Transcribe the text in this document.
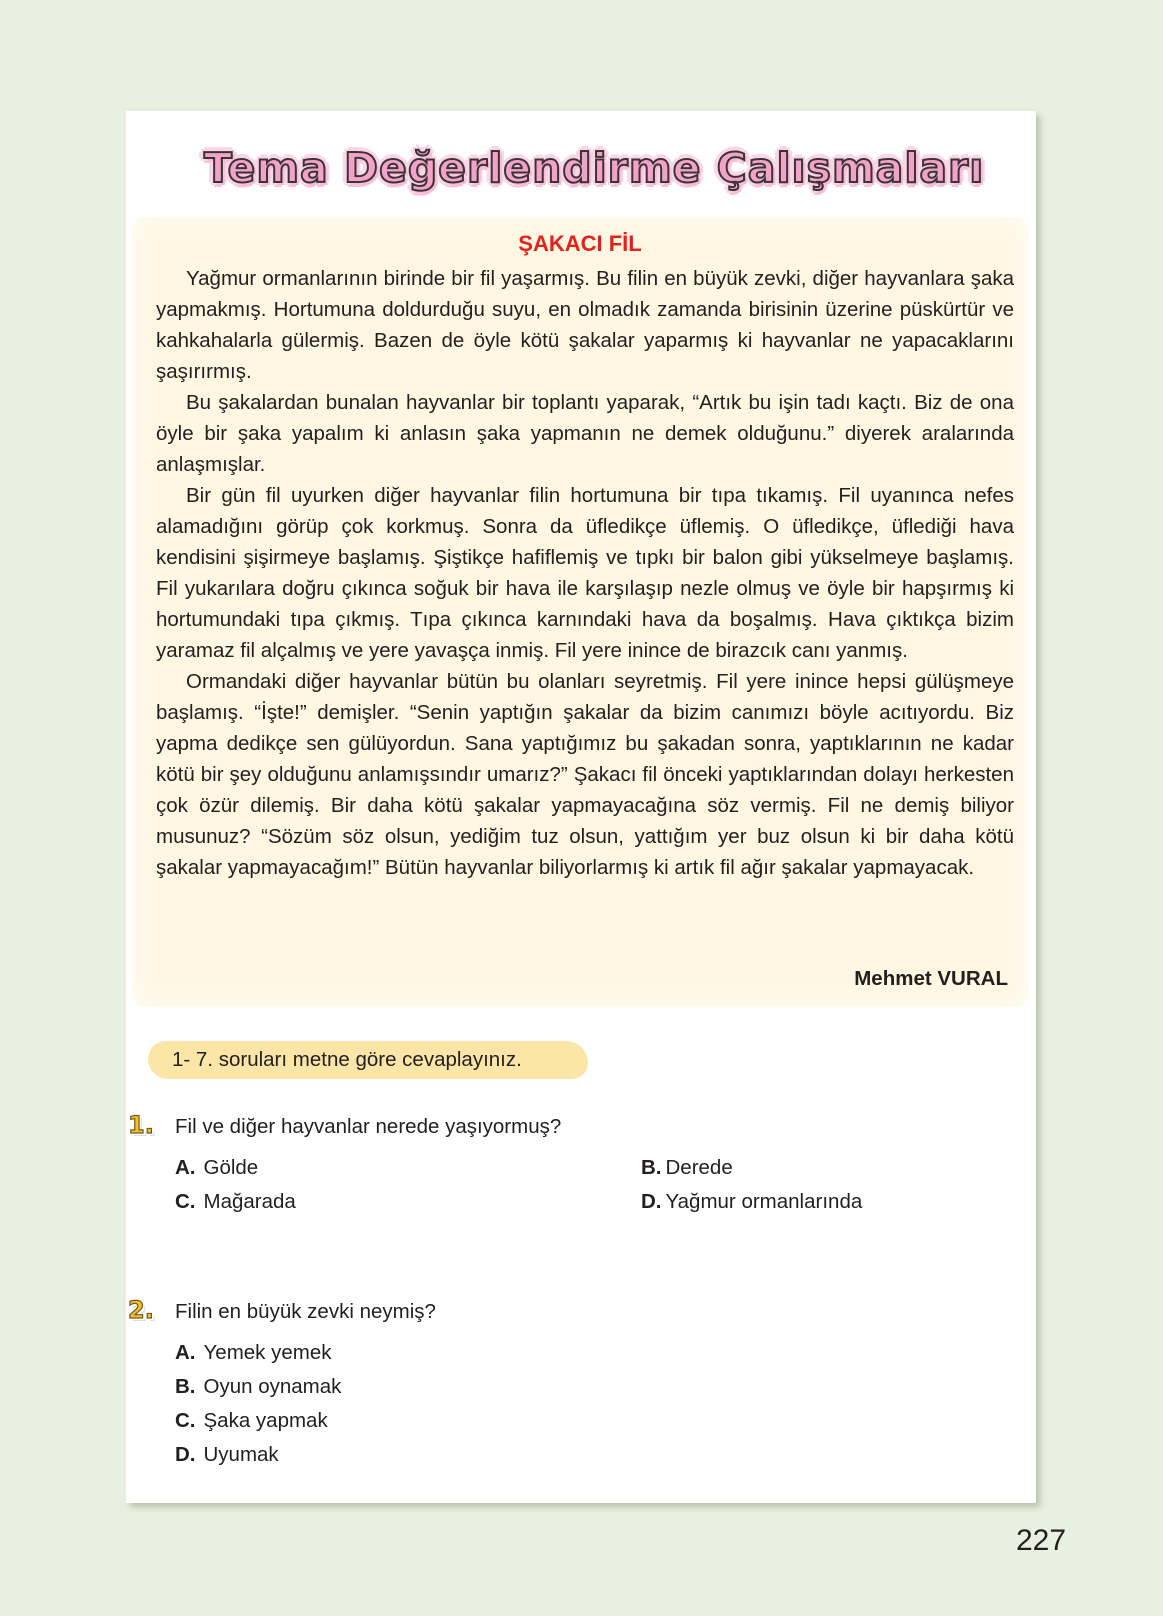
Tema Değerlendirme Çalışmaları
ŞAKACI FİL

Yağmur ormanlarının birinde bir fil yaşarmış. Bu filin en büyük zevki, diğer hayvanlara şaka yapmakmış. Hortumuna doldurduğu suyu, en olmadık zamanda birisinin üzerine püskürtür ve kahkahalarla gülermiş. Bazen de öyle kötü şakalar yaparmış ki hayvanlar ne yapacaklarını şaşırırmış.

Bu şakalardan bunalan hayvanlar bir toplantı yaparak, “Artık bu işin tadı kaçtı. Biz de ona öyle bir şaka yapalım ki anlasın şaka yapmanın ne demek olduğunu.” diyerek aralarında anlaşmışlar.

Bir gün fil uyurken diğer hayvanlar filin hortumuna bir tıpa tıkamış. Fil uyanınca nefes alamadığını görüp çok korkmuş. Sonra da üfledikçe üflemiş. O üfledikçe, üflediği hava kendisini şişirmeye başlamış. Şiştikçe hafiflemiş ve tıpkı bir balon gibi yükselmeye başlamış. Fil yukarılara doğru çıkınca soğuk bir hava ile karşılaşıp nezle olmuş ve öyle bir hapşırmış ki hortumundaki tıpa çıkmış. Tıpa çıkınca karnındaki hava da boşalmış. Hava çıktıkça bizim yaramaz fil alçalmış ve yere yavaşça inmiş. Fil yere inince de birazcık canı yanmış.

Ormandaki diğer hayvanlar bütün bu olanları seyretmiş. Fil yere inince hepsi gülüşmeye başlamış. “İşte!” demişler. “Senin yaptığın şakalar da bizim canımızı böyle acıtıyordu. Biz yapma dedikçe sen gülüyordun. Sana yaptığımız bu şakadan sonra, yaptıklarının ne kadar kötü bir şey olduğunu anlamışsındır umarız?” Şakacı fil önceki yaptıklarından dolayı herkesten çok özür dilemiş. Bir daha kötü şakalar yapmayacağına söz vermiş. Fil ne demiş biliyor musunuz? “Sözüm söz olsun, yediğim tuz olsun, yattığım yer buz olsun ki bir daha kötü şakalar yapmayacağım!” Bütün hayvanlar biliyorlarmış ki artık fil ağır şakalar yapmayacak.

Mehmet VURAL
1- 7. soruları metne göre cevaplayınız.
1. Fil ve diğer hayvanlar nerede yaşıyormuş?
A. Gölde	B. Derede
C. Mağarada	D. Yağmur ormanlarında
2. Filin en büyük zevki neymiş?
A. Yemek yemek
B. Oyun oynamak
C. Şaka yapmak
D. Uyumak
227
